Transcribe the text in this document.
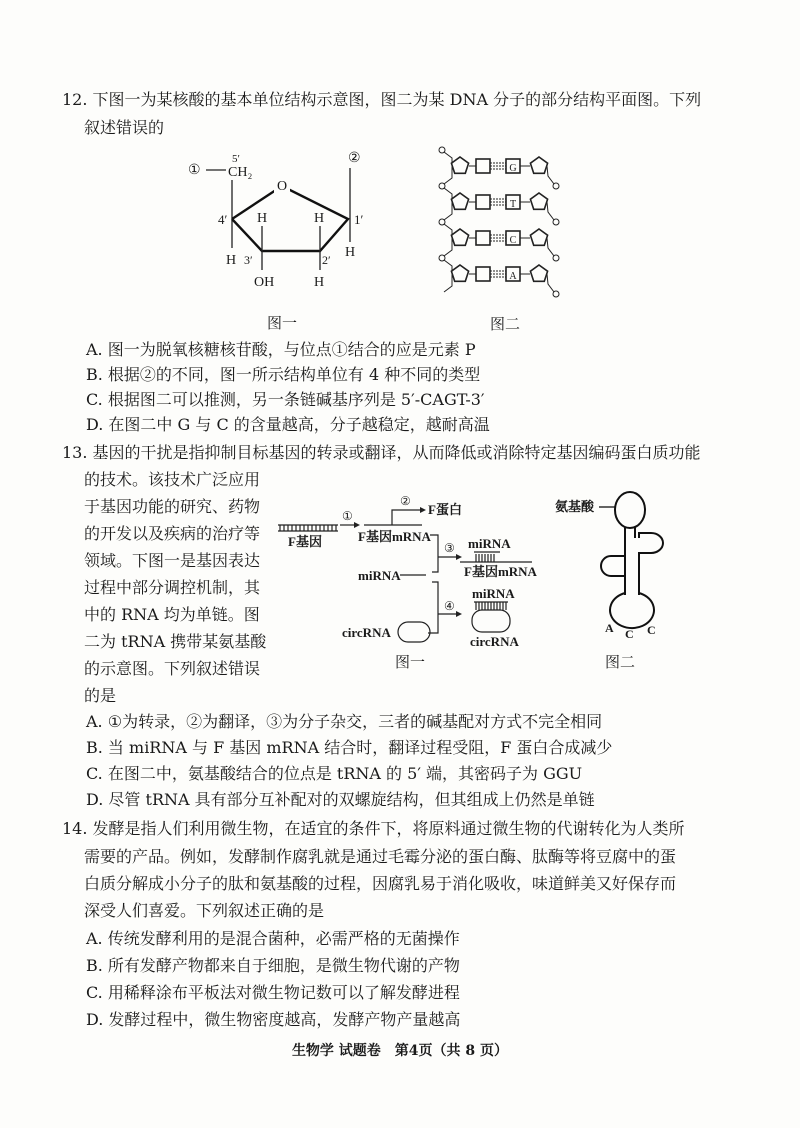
12. 下图一为某核酸的基本单位结构示意图，图二为某 DNA 分子的部分结构平面图。下列
叙述错误的
①
5′
CH₂
②
O
4′	1′
H	H
H 3′	2′ H
OH	H
图一
G
T
C
A
图二
A. 图一为脱氧核糖核苷酸，与位点①结合的应是元素 P
B. 根据②的不同，图一所示结构单位有 4 种不同的类型
C. 根据图二可以推测，另一条链碱基序列是 5′-CAGT-3′
D. 在图二中 G 与 C 的含量越高，分子越稳定，越耐高温
13. 基因的干扰是指抑制目标基因的转录或翻译，从而降低或消除特定基因编码蛋白质功能
的技术。该技术广泛应用
于基因功能的研究、药物
的开发以及疾病的治疗等
领域。下图一是基因表达
过程中部分调控机制，其
中的 RNA 均为单链。图
二为 tRNA 携带某氨基酸
的示意图。下列叙述错误
的是
①
②
F蛋白
F基因	F基因mRNA
③ miRNA
F基因mRNA
miRNA
④
miRNA
circRNA
circRNA
图一
氨基酸
A C C
图二
A. ①为转录，②为翻译，③为分子杂交，三者的碱基配对方式不完全相同
B. 当 miRNA 与 F 基因 mRNA 结合时，翻译过程受阻，F 蛋白合成减少
C. 在图二中，氨基酸结合的位点是 tRNA 的 5′ 端，其密码子为 GGU
D. 尽管 tRNA 具有部分互补配对的双螺旋结构，但其组成上仍然是单链
14. 发酵是指人们利用微生物，在适宜的条件下，将原料通过微生物的代谢转化为人类所
需要的产品。例如，发酵制作腐乳就是通过毛霉分泌的蛋白酶、肽酶等将豆腐中的蛋
白质分解成小分子的肽和氨基酸的过程，因腐乳易于消化吸收，味道鲜美又好保存而
深受人们喜爱。下列叙述正确的是
A. 传统发酵利用的是混合菌种，必需严格的无菌操作
B. 所有发酵产物都来自于细胞，是微生物代谢的产物
C. 用稀释涂布平板法对微生物记数可以了解发酵进程
D. 发酵过程中，微生物密度越高，发酵产物产量越高
生物学 试题卷　第4页（共 8 页）
